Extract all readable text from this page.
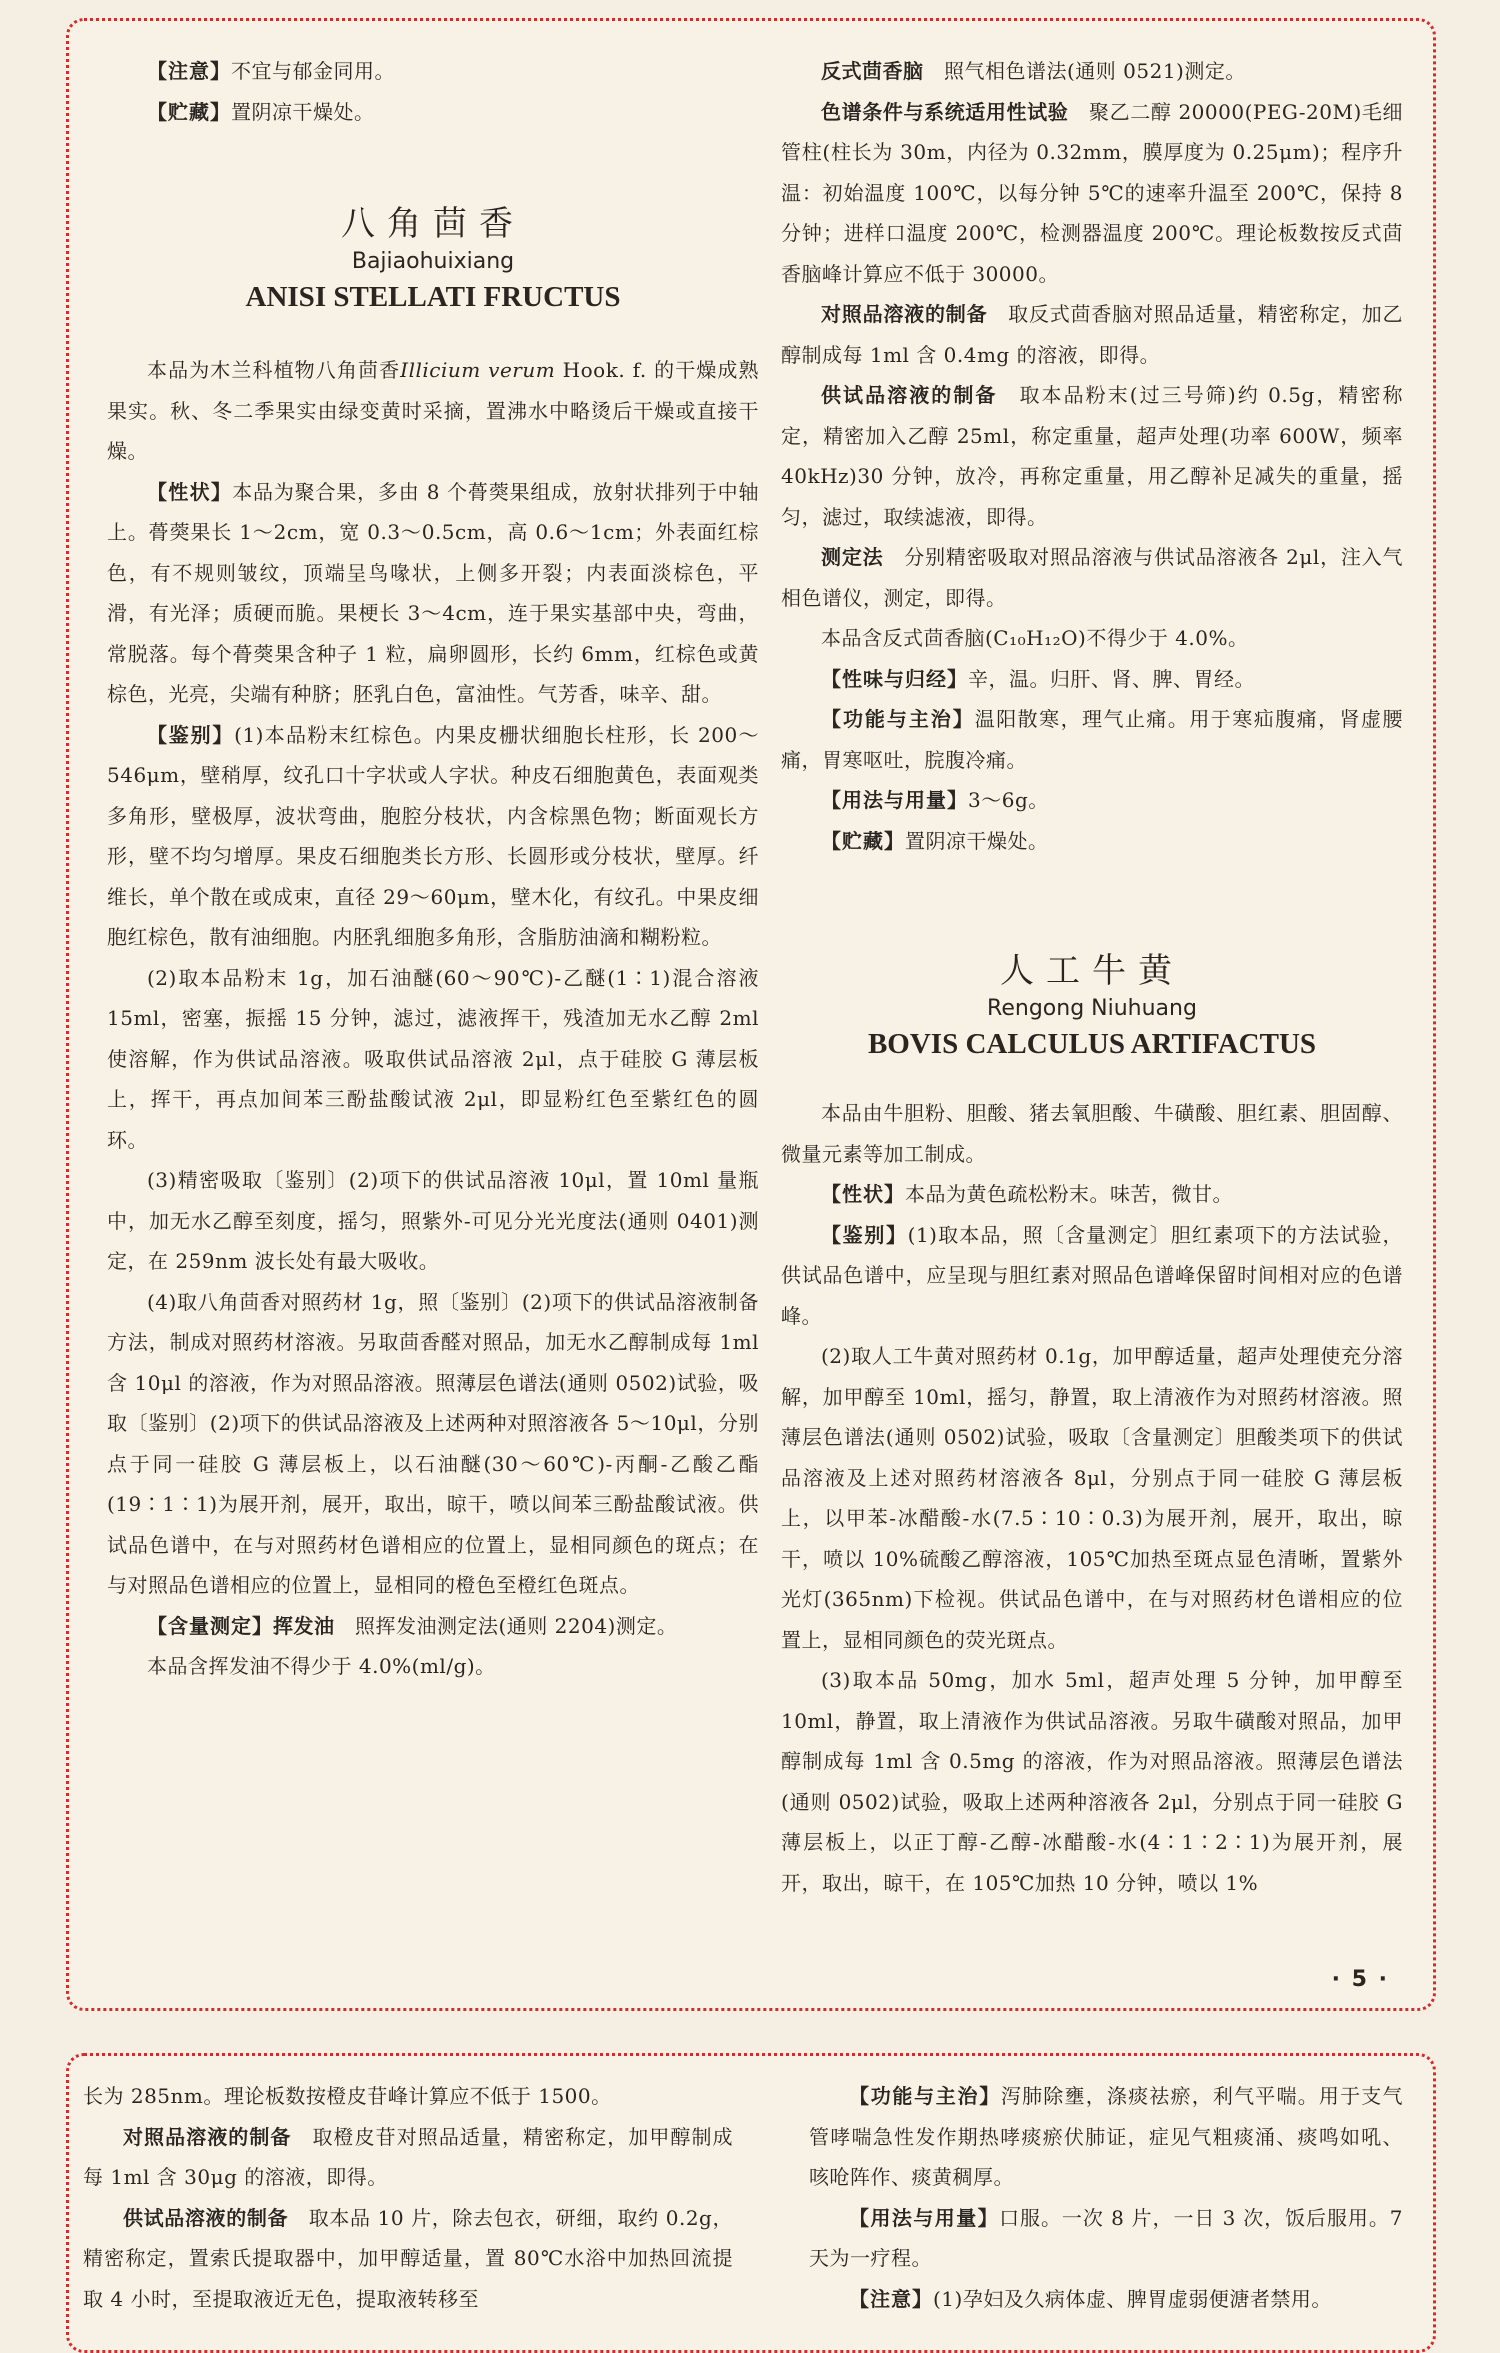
【注意】不宜与郁金同用。

【贮藏】置阴凉干燥处。

八角茴香
Bajiaohuixiang
ANISI STELLATI FRUCTUS

本品为木兰科植物八角茴香Illicium verum Hook. f. 的干燥成熟果实。秋、冬二季果实由绿变黄时采摘，置沸水中略烫后干燥或直接干燥。

【性状】本品为聚合果，多由 8 个蓇葖果组成，放射状排列于中轴上。蓇葖果长 1～2cm，宽 0.3～0.5cm，高 0.6～1cm；外表面红棕色，有不规则皱纹，顶端呈鸟喙状，上侧多开裂；内表面淡棕色，平滑，有光泽；质硬而脆。果梗长 3～4cm，连于果实基部中央，弯曲，常脱落。每个蓇葖果含种子 1 粒，扁卵圆形，长约 6mm，红棕色或黄棕色，光亮，尖端有种脐；胚乳白色，富油性。气芳香，味辛、甜。

【鉴别】(1)本品粉末红棕色。内果皮栅状细胞长柱形，长 200～546μm，壁稍厚，纹孔口十字状或人字状。种皮石细胞黄色，表面观类多角形，壁极厚，波状弯曲，胞腔分枝状，内含棕黑色物；断面观长方形，壁不均匀增厚。果皮石细胞类长方形、长圆形或分枝状，壁厚。纤维长，单个散在或成束，直径 29～60μm，壁木化，有纹孔。中果皮细胞红棕色，散有油细胞。内胚乳细胞多角形，含脂肪油滴和糊粉粒。

(2)取本品粉末 1g，加石油醚(60～90℃)-乙醚(1∶1)混合溶液 15ml，密塞，振摇 15 分钟，滤过，滤液挥干，残渣加无水乙醇 2ml 使溶解，作为供试品溶液。吸取供试品溶液 2μl，点于硅胶 G 薄层板上，挥干，再点加间苯三酚盐酸试液 2μl，即显粉红色至紫红色的圆环。

(3)精密吸取〔鉴别〕(2)项下的供试品溶液 10μl，置 10ml 量瓶中，加无水乙醇至刻度，摇匀，照紫外-可见分光光度法(通则 0401)测定，在 259nm 波长处有最大吸收。

(4)取八角茴香对照药材 1g，照〔鉴别〕(2)项下的供试品溶液制备方法，制成对照药材溶液。另取茴香醛对照品，加无水乙醇制成每 1ml 含 10μl 的溶液，作为对照品溶液。照薄层色谱法(通则 0502)试验，吸取〔鉴别〕(2)项下的供试品溶液及上述两种对照溶液各 5～10μl，分别点于同一硅胶 G 薄层板上，以石油醚(30～60℃)-丙酮-乙酸乙酯(19∶1∶1)为展开剂，展开，取出，晾干，喷以间苯三酚盐酸试液。供试品色谱中，在与对照药材色谱相应的位置上，显相同颜色的斑点；在与对照品色谱相应的位置上，显相同的橙色至橙红色斑点。

【含量测定】挥发油　 照挥发油测定法(通则 2204)测定。

本品含挥发油不得少于 4.0%(ml/g)。

反式茴香脑　 照气相色谱法(通则 0521)测定。

色谱条件与系统适用性试验　 聚乙二醇 20000(PEG-20M)毛细管柱(柱长为 30m，内径为 0.32mm，膜厚度为 0.25μm)；程序升温：初始温度 100℃，以每分钟 5℃的速率升温至 200℃，保持 8 分钟；进样口温度 200℃，检测器温度 200℃。理论板数按反式茴香脑峰计算应不低于 30000。

对照品溶液的制备　 取反式茴香脑对照品适量，精密称定，加乙醇制成每 1ml 含 0.4mg 的溶液，即得。

供试品溶液的制备　 取本品粉末(过三号筛)约 0.5g，精密称定，精密加入乙醇 25ml，称定重量，超声处理(功率 600W，频率 40kHz)30 分钟，放冷，再称定重量，用乙醇补足减失的重量，摇匀，滤过，取续滤液，即得。

测定法　 分别精密吸取对照品溶液与供试品溶液各 2μl，注入气相色谱仪，测定，即得。

本品含反式茴香脑(C₁₀H₁₂O)不得少于 4.0%。

【性味与归经】辛，温。归肝、肾、脾、胃经。

【功能与主治】温阳散寒，理气止痛。用于寒疝腹痛，肾虚腰痛，胃寒呕吐，脘腹冷痛。

【用法与用量】3～6g。

【贮藏】置阴凉干燥处。

人工牛黄
Rengong Niuhuang
BOVIS CALCULUS ARTIFACTUS

本品由牛胆粉、胆酸、猪去氧胆酸、牛磺酸、胆红素、胆固醇、微量元素等加工制成。

【性状】本品为黄色疏松粉末。味苦，微甘。

【鉴别】(1)取本品，照〔含量测定〕胆红素项下的方法试验，供试品色谱中，应呈现与胆红素对照品色谱峰保留时间相对应的色谱峰。

(2)取人工牛黄对照药材 0.1g，加甲醇适量，超声处理使充分溶解，加甲醇至 10ml，摇匀，静置，取上清液作为对照药材溶液。照薄层色谱法(通则 0502)试验，吸取〔含量测定〕胆酸类项下的供试品溶液及上述对照药材溶液各 8μl，分别点于同一硅胶 G 薄层板上，以甲苯-冰醋酸-水(7.5∶10∶0.3)为展开剂，展开，取出，晾干，喷以 10%硫酸乙醇溶液，105℃加热至斑点显色清晰，置紫外光灯(365nm)下检视。供试品色谱中，在与对照药材色谱相应的位置上，显相同颜色的荧光斑点。

(3)取本品 50mg，加水 5ml，超声处理 5 分钟，加甲醇至 10ml，静置，取上清液作为供试品溶液。另取牛磺酸对照品，加甲醇制成每 1ml 含 0.5mg 的溶液，作为对照品溶液。照薄层色谱法(通则 0502)试验，吸取上述两种溶液各 2μl，分别点于同一硅胶 G 薄层板上，以正丁醇-乙醇-冰醋酸-水(4∶1∶2∶1)为展开剂，展开，取出，晾干，在 105℃加热 10 分钟，喷以 1%

· 5 ·

长为 285nm。理论板数按橙皮苷峰计算应不低于 1500。

对照品溶液的制备　 取橙皮苷对照品适量，精密称定，加甲醇制成每 1ml 含 30μg 的溶液，即得。

供试品溶液的制备　 取本品 10 片，除去包衣，研细，取约 0.2g，精密称定，置索氏提取器中，加甲醇适量，置 80℃水浴中加热回流提取 4 小时，至提取液近无色，提取液转移至

【功能与主治】泻肺除壅，涤痰祛瘀，利气平喘。用于支气管哮喘急性发作期热哮痰瘀伏肺证，症见气粗痰涌、痰鸣如吼、咳呛阵作、痰黄稠厚。

【用法与用量】口服。一次 8 片，一日 3 次，饭后服用。7 天为一疗程。

【注意】(1)孕妇及久病体虚、脾胃虚弱便溏者禁用。
